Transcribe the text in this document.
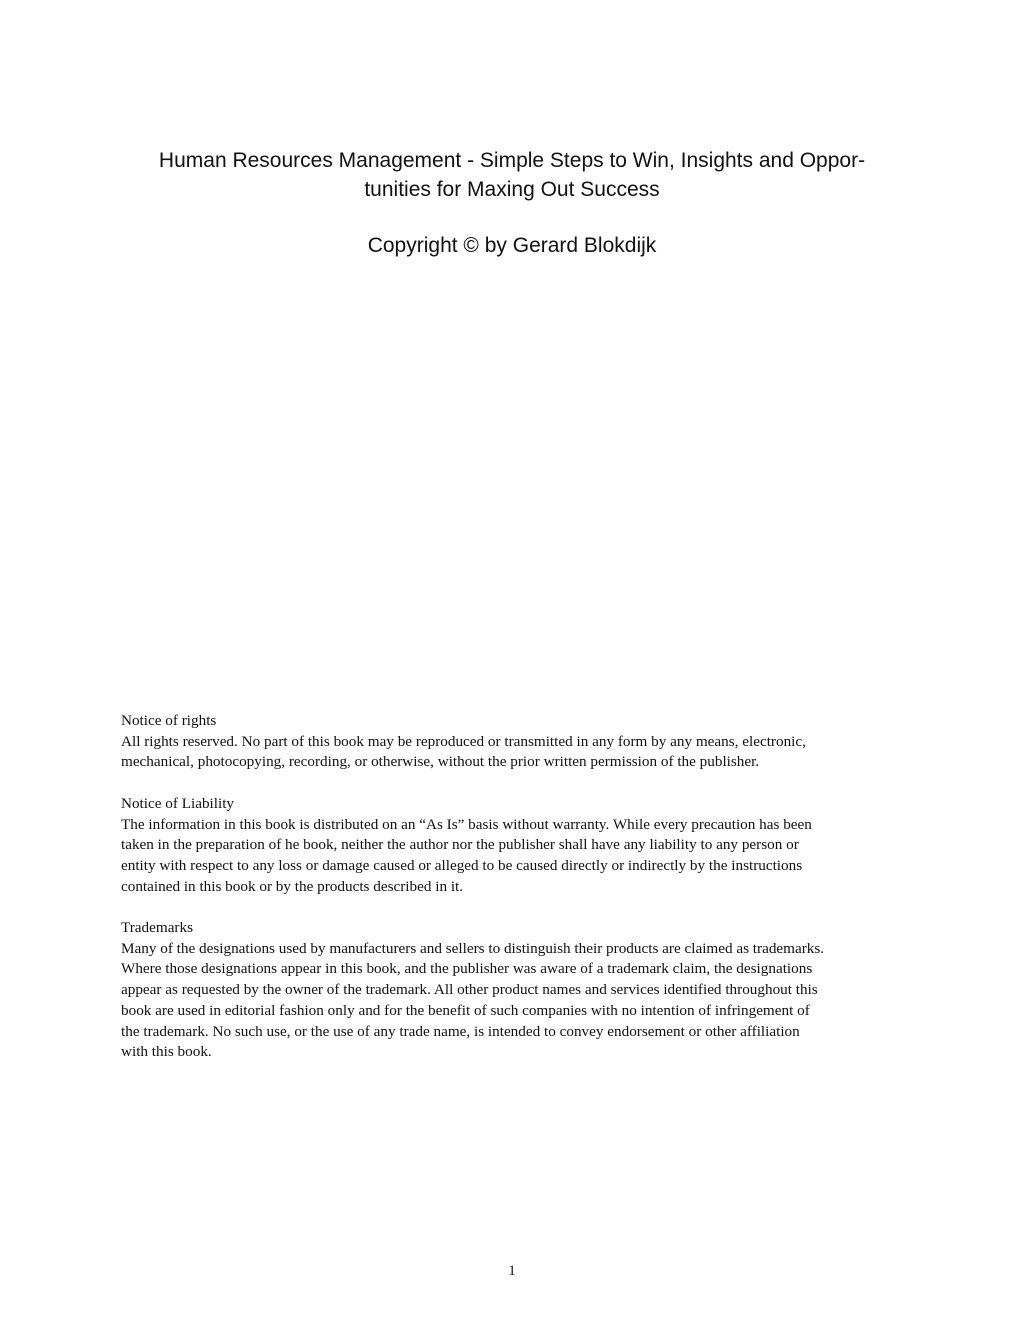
Human Resources Management - Simple Steps to Win, Insights and Oppor-
tunities for Maxing Out Success
Copyright © by Gerard Blokdijk
Notice of rights
All rights reserved. No part of this book may be reproduced or transmitted in any form by any means, electronic,
mechanical, photocopying, recording, or otherwise, without the prior written permission of the publisher.
Notice of Liability
The information in this book is distributed on an “As Is” basis without warranty. While every precaution has been
taken in the preparation of he book, neither the author nor the publisher shall have any liability to any person or
entity with respect to any loss or damage caused or alleged to be caused directly or indirectly by the instructions
contained in this book or by the products described in it.
Trademarks
Many of the designations used by manufacturers and sellers to distinguish their products are claimed as trademarks.
Where those designations appear in this book, and the publisher was aware of a trademark claim, the designations
appear as requested by the owner of the trademark. All other product names and services identified throughout this
book are used in editorial fashion only and for the benefit of such companies with no intention of infringement of
the trademark. No such use, or the use of any trade name, is intended to convey endorsement or other affiliation
with this book.
1
